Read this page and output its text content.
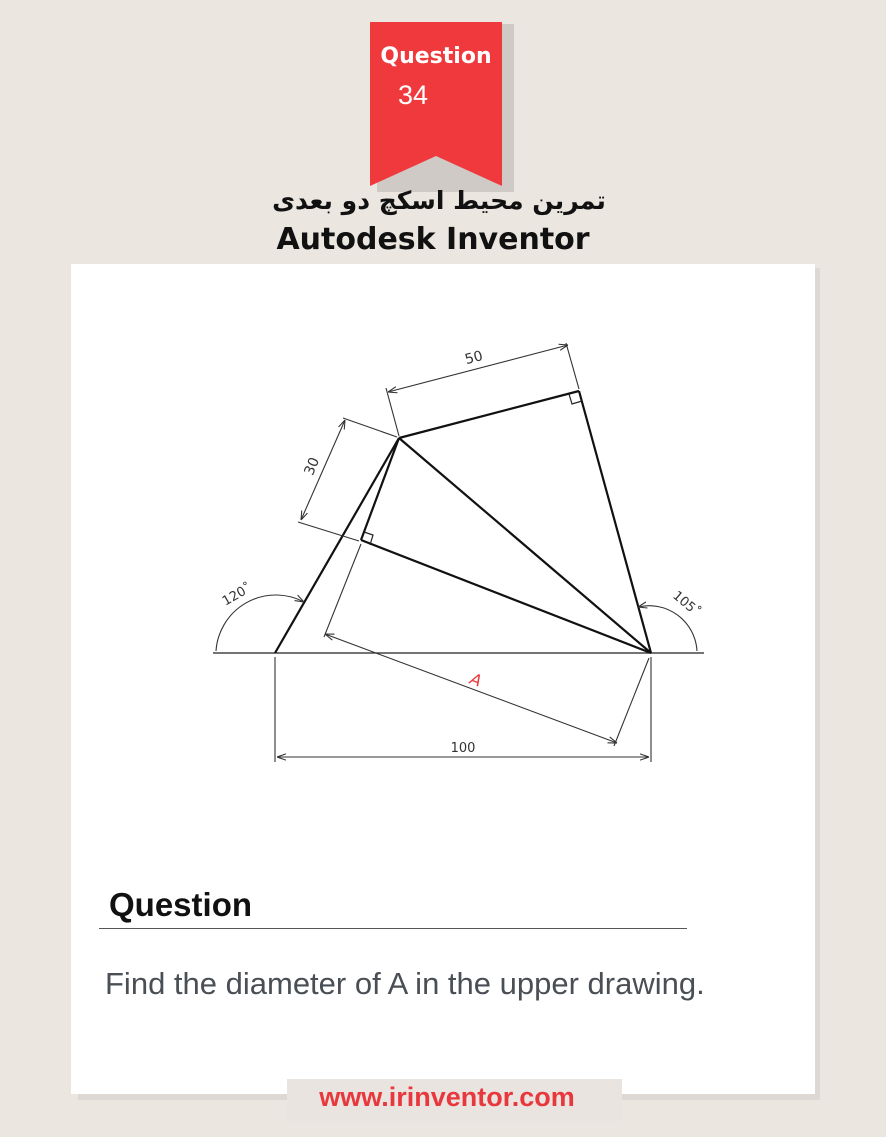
Question
34
تمرین محیط اسکچ دو بعدی
Autodesk Inventor
50
30
A
100
120˚	105˚
Question
Find the diameter of A in the upper drawing.
www.irinventor.com
